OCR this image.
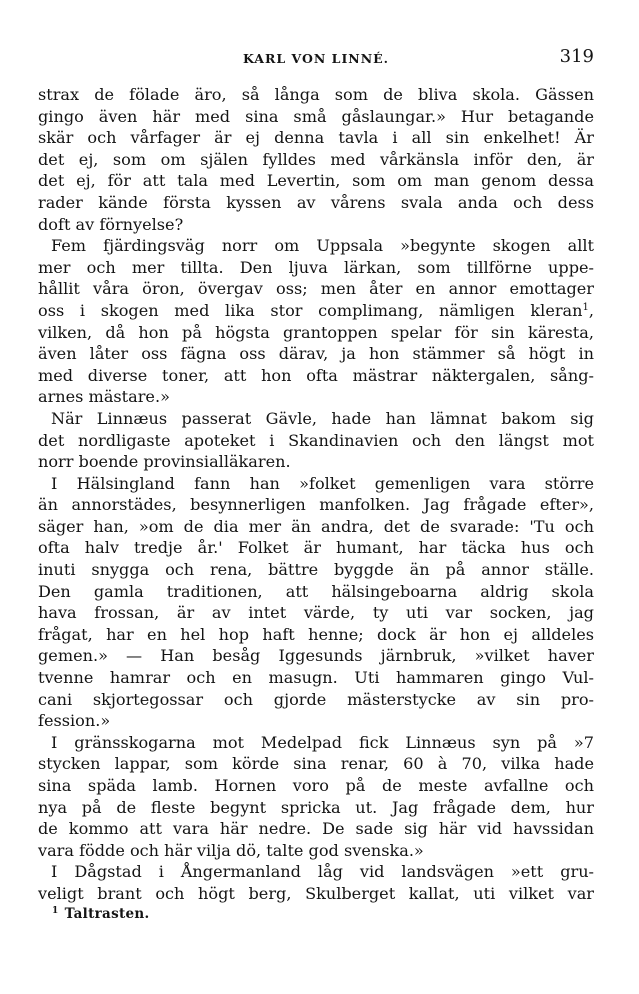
KARL VON LINNÉ.	319
strax de fölade äro, så långa som de bliva skola. Gässen
gingo även här med sina små gåslaungar.» Hur betagande
skär och vårfager är ej denna tavla i all sin enkelhet! Är
det ej, som om själen fylldes med vårkänsla inför den, är
det ej, för att tala med Levertin, som om man genom dessa
rader kände första kyssen av vårens svala anda och dess
doft av förnyelse?
Fem fjärdingsväg norr om Uppsala »begynte skogen allt
mer och mer tillta. Den ljuva lärkan, som tillförne uppe-
hållit våra öron, övergav oss; men åter en annor emottager
oss i skogen med lika stor complimang, nämligen kleran$^1$,
vilken, då hon på högsta grantoppen spelar för sin käresta,
även låter oss fägna oss därav, ja hon stämmer så högt in
med diverse toner, att hon ofta mästrar näktergalen, sång-
arnes mästare.»
När Linnæus passerat Gävle, hade han lämnat bakom sig
det nordligaste apoteket i Skandinavien och den längst mot
norr boende provinsialläkaren.
I Hälsingland fann han »folket gemenligen vara större
än annorstädes, besynnerligen manfolken. Jag frågade efter»,
säger han, »om de dia mer än andra, det de svarade: 'Tu och
ofta halv tredje år.' Folket är humant, har täcka hus och
inuti snygga och rena, bättre byggde än på annor ställe.
Den gamla traditionen, att hälsingeboarna aldrig skola
hava frossan, är av intet värde, ty uti var socken, jag
frågat, har en hel hop haft henne; dock är hon ej alldeles
gemen.» — Han besåg Iggesunds järnbruk, »vilket haver
tvenne hamrar och en masugn. Uti hammaren gingo Vul-
cani skjortegossar och gjorde mästerstycke av sin pro-
fession.»
I gränsskogarna mot Medelpad fick Linnæus syn på »7
stycken lappar, som körde sina renar, 60 à 70, vilka hade
sina späda lamb. Hornen voro på de meste avfallne och
nya på de fleste begynt spricka ut. Jag frågade dem, hur
de kommo att vara här nedre. De sade sig här vid havssidan
vara födde och här vilja dö, talte god svenska.»
I Dågstad i Ångermanland låg vid landsvägen »ett gru-
veligt brant och högt berg, Skulberget kallat, uti vilket var
$^1$ Taltrasten.
